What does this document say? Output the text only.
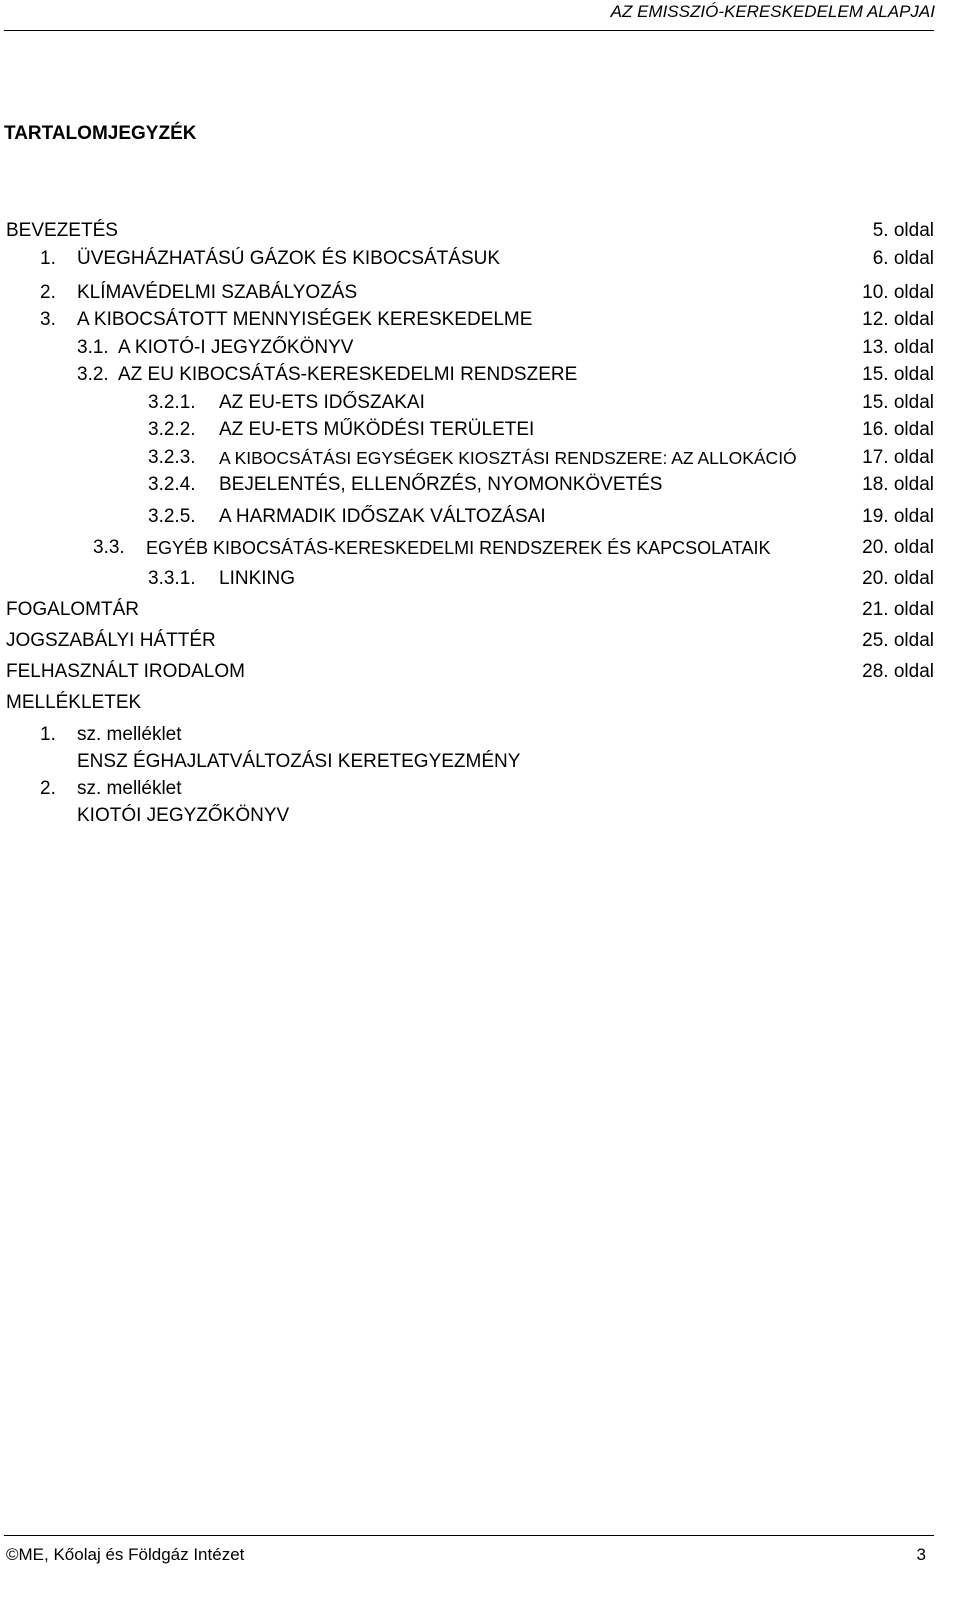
AZ EMISSZIÓ-KERESKEDELEM ALAPJAI
TARTALOMJEGYZÉK
BEVEZETÉS	5. oldal
1. ÜVEGHÁZHATÁSÚ GÁZOK ÉS KIBOCSÁTÁSUK	6. oldal
2. KLÍMAVÉDELMI SZABÁLYOZÁS	10. oldal
3. A KIBOCSÁTOTT MENNYISÉGEK KERESKEDELME	12. oldal
3.1. A KIOTÓ-I JEGYZŐKÖNYV	13. oldal
3.2. AZ EU KIBOCSÁTÁS-KERESKEDELMI RENDSZERE	15. oldal
3.2.1. AZ EU-ETS IDŐSZAKAI	15. oldal
3.2.2. AZ EU-ETS MŰKÖDÉSI TERÜLETEI	16. oldal
3.2.3. A KIBOCSÁTÁSI EGYSÉGEK KIOSZTÁSI RENDSZERE: AZ ALLOKÁCIÓ	17. oldal
3.2.4. BEJELENTÉS, ELLENŐRZÉS, NYOMONKÖVETÉS	18. oldal
3.2.5. A HARMADIK IDŐSZAK VÁLTOZÁSAI	19. oldal
3.3. EGYÉB KIBOCSÁTÁS-KERESKEDELMI RENDSZEREK ÉS KAPCSOLATAIK	20. oldal
3.3.1. LINKING	20. oldal
FOGALOMTÁR	21. oldal
JOGSZABÁLYI HÁTTÉR	25. oldal
FELHASZNÁLT IRODALOM	28. oldal
MELLÉKLETEK
1. sz. melléklet
ENSZ ÉGHAJLATVÁLTOZÁSI KERETEGYEZMÉNY
2. sz. melléklet
KIOTÓI JEGYZŐKÖNYV
©ME, Kőolaj és Földgáz Intézet	3
